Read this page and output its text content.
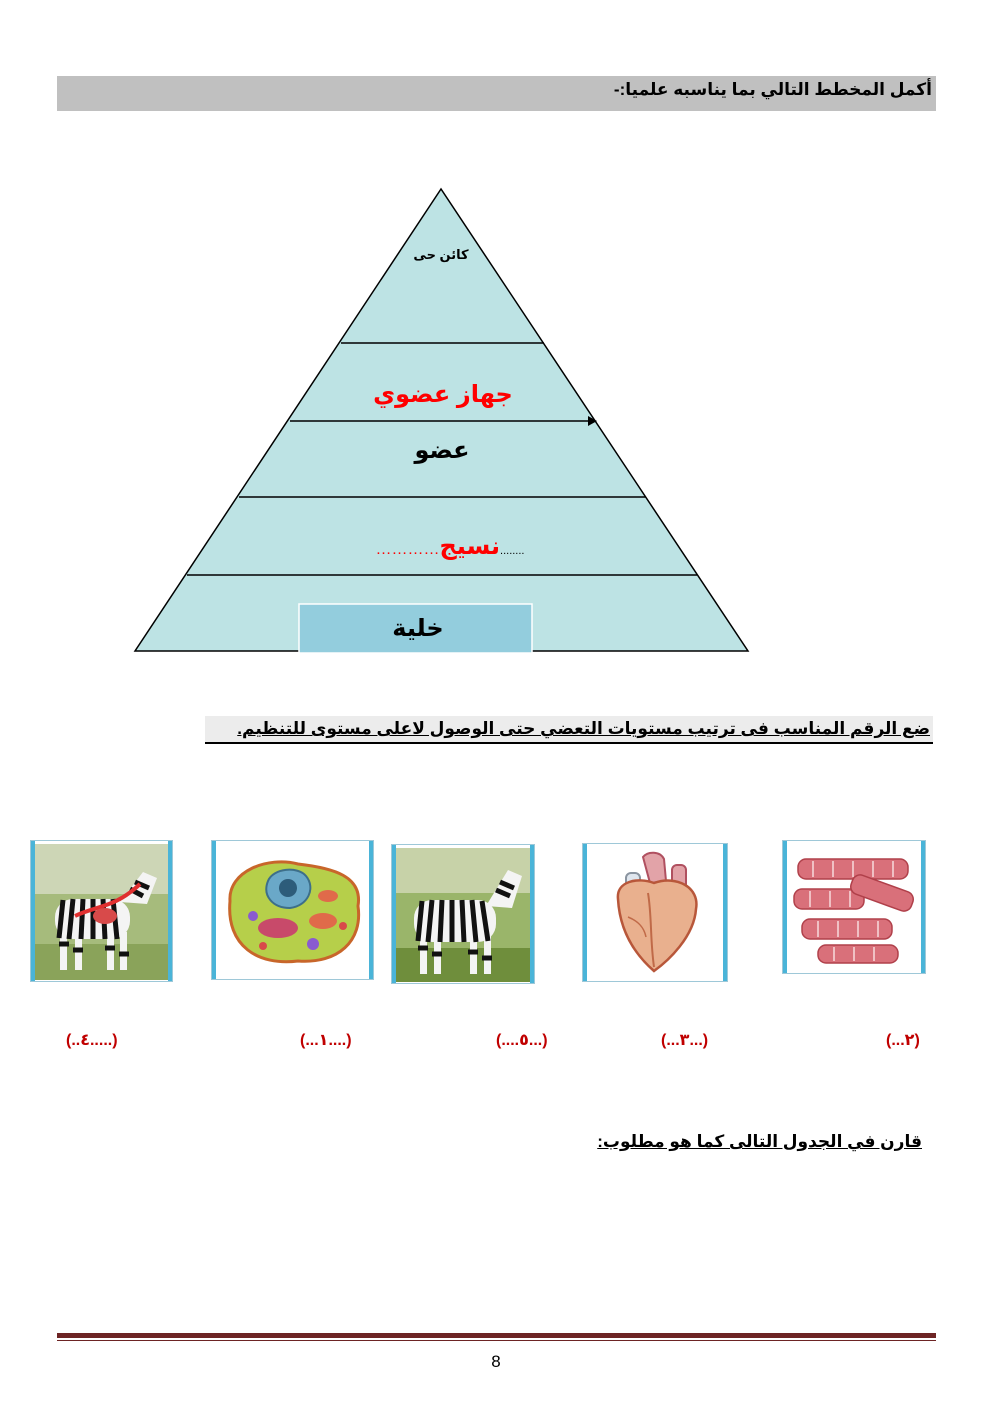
أكمل المخطط التالي بما يناسبه علميا:-
كائن حى
جهاز عضوي
عضو
........نسيج…………
خلية
ضع الرقم المناسب فى ترتيب مستويات التعضي حتى الوصول لاعلى مستوى للتنظيم.
(..٤.....)	(...١....)	(....٥...)	(...٣...)	(...٢)
قارن في الجدول التالى كما هو مطلوب:
8
